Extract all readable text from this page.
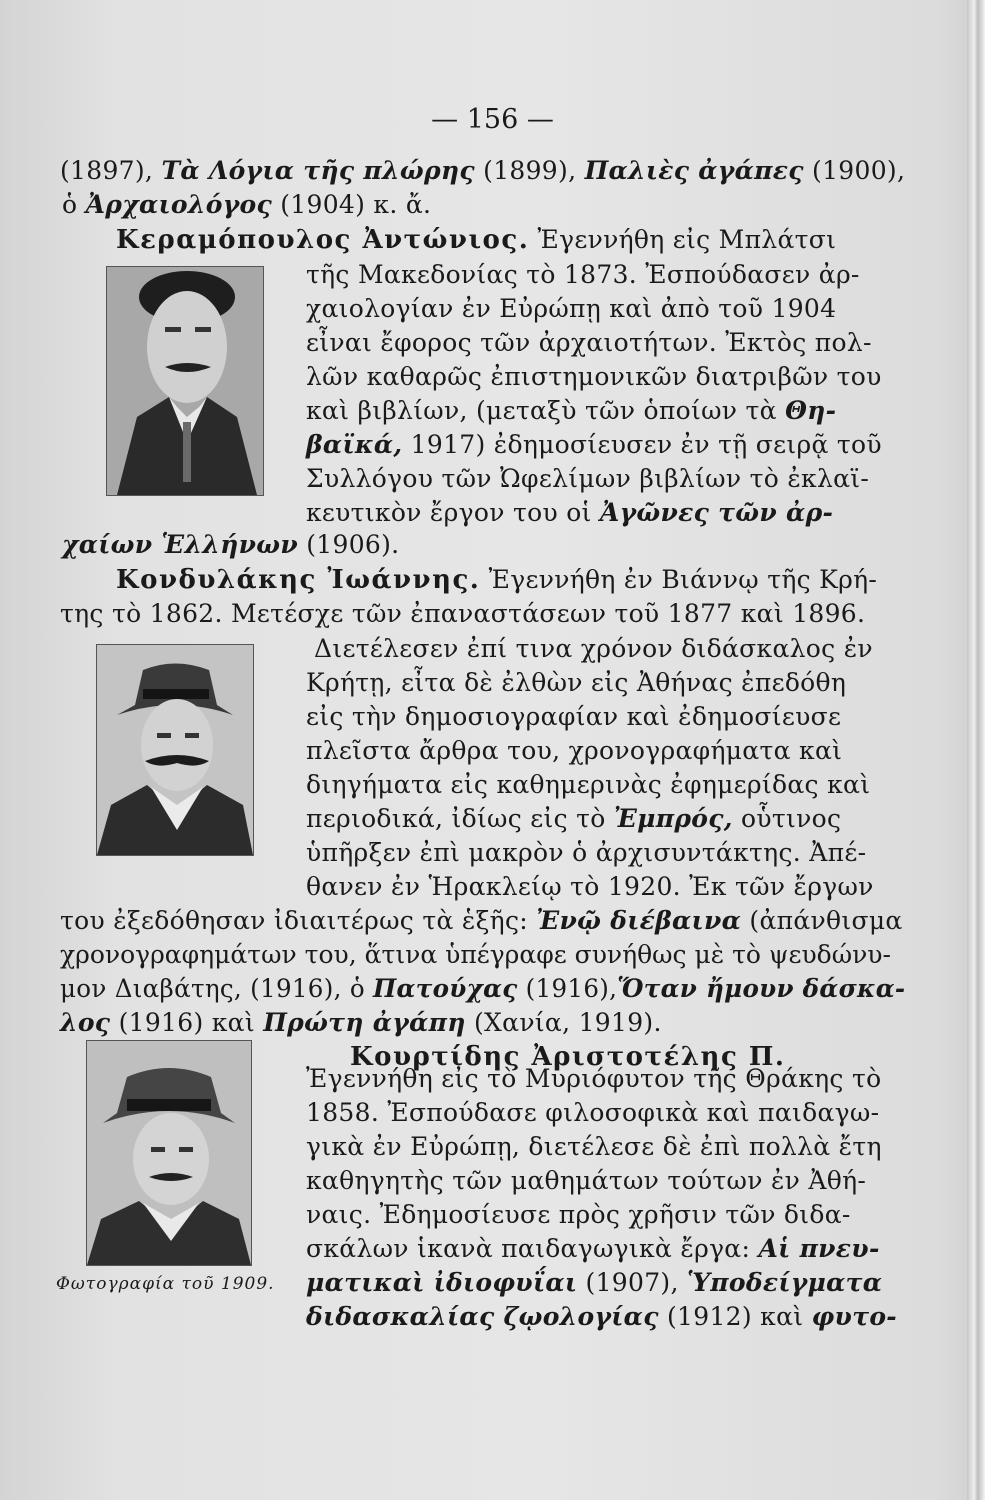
— 156 —
(1897), Τὰ Λόγια τῆς πλώρης (1899), Παλιὲς ἀγάπες (1900),
ὁ Ἀρχαιολόγος (1904) κ. ἄ.
Κεραμόπουλος Ἀντώνιος. Ἐγεννήθη εἰς Μπλάτσι
τῆς Μακεδονίας τὸ 1873. Ἐσπούδασεν ἀρ-
χαιολογίαν ἐν Εὐρώπῃ καὶ ἀπὸ τοῦ 1904
εἶναι ἔφορος τῶν ἀρχαιοτήτων. Ἐκτὸς πολ-
λῶν καθαρῶς ἐπιστημονικῶν διατριβῶν του
καὶ βιβλίων, (μεταξὺ τῶν ὁποίων τὰ Θη-
βαϊκά, 1917) ἐδημοσίευσεν ἐν τῇ σειρᾷ τοῦ
Συλλόγου τῶν Ὠφελίμων βιβλίων τὸ ἐκλαϊ-
κευτικὸν ἔργον του οἱ Ἀγῶνες τῶν ἀρ-
χαίων Ἑλλήνων (1906).
Κονδυλάκης Ἰωάννης. Ἐγεννήθη ἐν Βιάννῳ τῆς Κρή-
της τὸ 1862. Μετέσχε τῶν ἐπαναστάσεων τοῦ 1877 καὶ 1896.
Διετέλεσεν ἐπί τινα χρόνον διδάσκαλος ἐν
Κρήτῃ, εἶτα δὲ ἐλθὼν εἰς Ἀθήνας ἐπεδόθη
εἰς τὴν δημοσιογραφίαν καὶ ἐδημοσίευσε
πλεῖστα ἄρθρα του, χρονογραφήματα καὶ
διηγήματα εἰς καθημερινὰς ἐφημερίδας καὶ
περιοδικά, ἰδίως εἰς τὸ Ἐμπρός, οὗτινος
ὑπῆρξεν ἐπὶ μακρὸν ὁ ἀρχισυντάκτης. Ἀπέ-
θανεν ἐν Ἡρακλείῳ τὸ 1920. Ἐκ τῶν ἔργων
του ἐξεδόθησαν ἰδιαιτέρως τὰ ἑξῆς: Ἐνῷ διέβαινα (ἀπάνθισμα
χρονογραφημάτων του, ἅτινα ὑπέγραφε συνήθως μὲ τὸ ψευδώνυ-
μον Διαβάτης, (1916), ὁ Πατούχας (1916),Ὅταν ἤμουν δάσκα-
λος (1916) καὶ Πρώτη ἀγάπη (Χανία, 1919).
Κουρτίδης Ἀριστοτέλης Π.
Φωτογραφία τοῦ 1909.
Ἐγεννήθη εἰς τὸ Μυριόφυτον τῆς Θράκης τὸ
1858. Ἐσπούδασε φιλοσοφικὰ καὶ παιδαγω-
γικὰ ἐν Εὐρώπῃ, διετέλεσε δὲ ἐπὶ πολλὰ ἔτη
καθηγητὴς τῶν μαθημάτων τούτων ἐν Ἀθή-
ναις. Ἐδημοσίευσε πρὸς χρῆσιν τῶν διδα-
σκάλων ἱκανὰ παιδαγωγικὰ ἔργα: Αἱ πνευ-
ματικαὶ ἰδιοφυΐαι (1907), Ὑποδείγματα
διδασκαλίας ζῳολογίας (1912) καὶ φυτο-
